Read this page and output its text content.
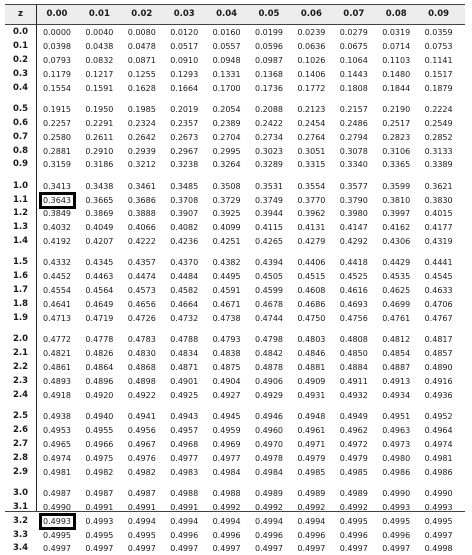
z	0.00	0.01	0.02	0.03	0.04	0.05	0.06	0.07	0.08	0.09
0.0	0.0000	0.0040	0.0080	0.0120	0.0160	0.0199	0.0239	0.0279	0.0319	0.0359
0.1	0.0398	0.0438	0.0478	0.0517	0.0557	0.0596	0.0636	0.0675	0.0714	0.0753
0.2	0.0793	0.0832	0.0871	0.0910	0.0948	0.0987	0.1026	0.1064	0.1103	0.1141
0.3	0.1179	0.1217	0.1255	0.1293	0.1331	0.1368	0.1406	0.1443	0.1480	0.1517
0.4	0.1554	0.1591	0.1628	0.1664	0.1700	0.1736	0.1772	0.1808	0.1844	0.1879
0.5	0.1915	0.1950	0.1985	0.2019	0.2054	0.2088	0.2123	0.2157	0.2190	0.2224
0.6	0.2257	0.2291	0.2324	0.2357	0.2389	0.2422	0.2454	0.2486	0.2517	0.2549
0.7	0.2580	0.2611	0.2642	0.2673	0.2704	0.2734	0.2764	0.2794	0.2823	0.2852
0.8	0.2881	0.2910	0.2939	0.2967	0.2995	0.3023	0.3051	0.3078	0.3106	0.3133
0.9	0.3159	0.3186	0.3212	0.3238	0.3264	0.3289	0.3315	0.3340	0.3365	0.3389
1.0	0.3413	0.3438	0.3461	0.3485	0.3508	0.3531	0.3554	0.3577	0.3599	0.3621
1.1	0.3643	0.3665	0.3686	0.3708	0.3729	0.3749	0.3770	0.3790	0.3810	0.3830
1.2	0.3849	0.3869	0.3888	0.3907	0.3925	0.3944	0.3962	0.3980	0.3997	0.4015
1.3	0.4032	0.4049	0.4066	0.4082	0.4099	0.4115	0.4131	0.4147	0.4162	0.4177
1.4	0.4192	0.4207	0.4222	0.4236	0.4251	0.4265	0.4279	0.4292	0.4306	0.4319
1.5	0.4332	0.4345	0.4357	0.4370	0.4382	0.4394	0.4406	0.4418	0.4429	0.4441
1.6	0.4452	0.4463	0.4474	0.4484	0.4495	0.4505	0.4515	0.4525	0.4535	0.4545
1.7	0.4554	0.4564	0.4573	0.4582	0.4591	0.4599	0.4608	0.4616	0.4625	0.4633
1.8	0.4641	0.4649	0.4656	0.4664	0.4671	0.4678	0.4686	0.4693	0.4699	0.4706
1.9	0.4713	0.4719	0.4726	0.4732	0.4738	0.4744	0.4750	0.4756	0.4761	0.4767
2.0	0.4772	0.4778	0.4783	0.4788	0.4793	0.4798	0.4803	0.4808	0.4812	0.4817
2.1	0.4821	0.4826	0.4830	0.4834	0.4838	0.4842	0.4846	0.4850	0.4854	0.4857
2.2	0.4861	0.4864	0.4868	0.4871	0.4875	0.4878	0.4881	0.4884	0.4887	0.4890
2.3	0.4893	0.4896	0.4898	0.4901	0.4904	0.4906	0.4909	0.4911	0.4913	0.4916
2.4	0.4918	0.4920	0.4922	0.4925	0.4927	0.4929	0.4931	0.4932	0.4934	0.4936
2.5	0.4938	0.4940	0.4941	0.4943	0.4945	0.4946	0.4948	0.4949	0.4951	0.4952
2.6	0.4953	0.4955	0.4956	0.4957	0.4959	0.4960	0.4961	0.4962	0.4963	0.4964
2.7	0.4965	0.4966	0.4967	0.4968	0.4969	0.4970	0.4971	0.4972	0.4973	0.4974
2.8	0.4974	0.4975	0.4976	0.4977	0.4977	0.4978	0.4979	0.4979	0.4980	0.4981
2.9	0.4981	0.4982	0.4982	0.4983	0.4984	0.4984	0.4985	0.4985	0.4986	0.4986
3.0	0.4987	0.4987	0.4987	0.4988	0.4988	0.4989	0.4989	0.4989	0.4990	0.4990
3.1	0.4990	0.4991	0.4991	0.4991	0.4992	0.4992	0.4992	0.4992	0.4993	0.4993
3.2	0.4993	0.4993	0.4994	0.4994	0.4994	0.4994	0.4994	0.4995	0.4995	0.4995
3.3	0.4995	0.4995	0.4995	0.4996	0.4996	0.4996	0.4996	0.4996	0.4996	0.4997
3.4	0.4997	0.4997	0.4997	0.4997	0.4997	0.4997	0.4997	0.4997	0.4997	0.4998
